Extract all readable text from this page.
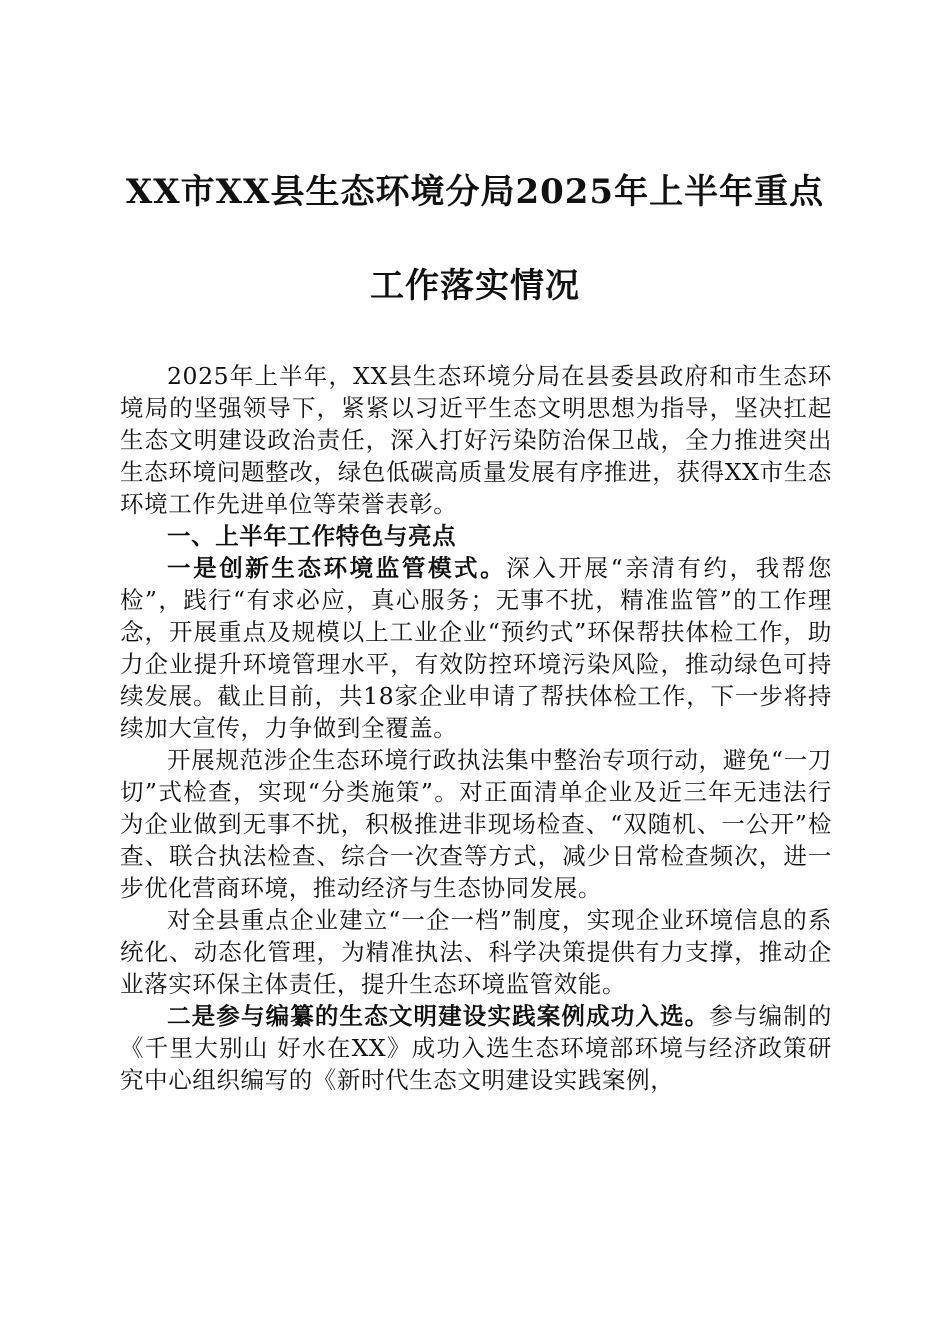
XX市XX县生态环境分局2025年上半年重点
工作落实情况

2025年上半年，XX县生态环境分局在县委县政府和市生态环境局的坚强领导下，紧紧以习近平生态文明思想为指导，坚决扛起生态文明建设政治责任，深入打好污染防治保卫战，全力推进突出生态环境问题整改，绿色低碳高质量发展有序推进，获得XX市生态环境工作先进单位等荣誉表彰。

一、上半年工作特色与亮点

一是创新生态环境监管模式。深入开展“亲清有约，我帮您检”，践行“有求必应，真心服务；无事不扰，精准监管”的工作理念，开展重点及规模以上工业企业“预约式”环保帮扶体检工作，助力企业提升环境管理水平，有效防控环境污染风险，推动绿色可持续发展。截止目前，共18家企业申请了帮扶体检工作，下一步将持续加大宣传，力争做到全覆盖。

开展规范涉企生态环境行政执法集中整治专项行动，避免“一刀切”式检查，实现“分类施策”。对正面清单企业及近三年无违法行为企业做到无事不扰，积极推进非现场检查、“双随机、一公开”检查、联合执法检查、综合一次查等方式，减少日常检查频次，进一步优化营商环境，推动经济与生态协同发展。

对全县重点企业建立“一企一档”制度，实现企业环境信息的系统化、动态化管理，为精准执法、科学决策提供有力支撑，推动企业落实环保主体责任，提升生态环境监管效能。

二是参与编纂的生态文明建设实践案例成功入选。参与编制的《千里大别山 好水在XX》成功入选生态环境部环境与经济政策研究中心组织编写的《新时代生态文明建设实践案例，
